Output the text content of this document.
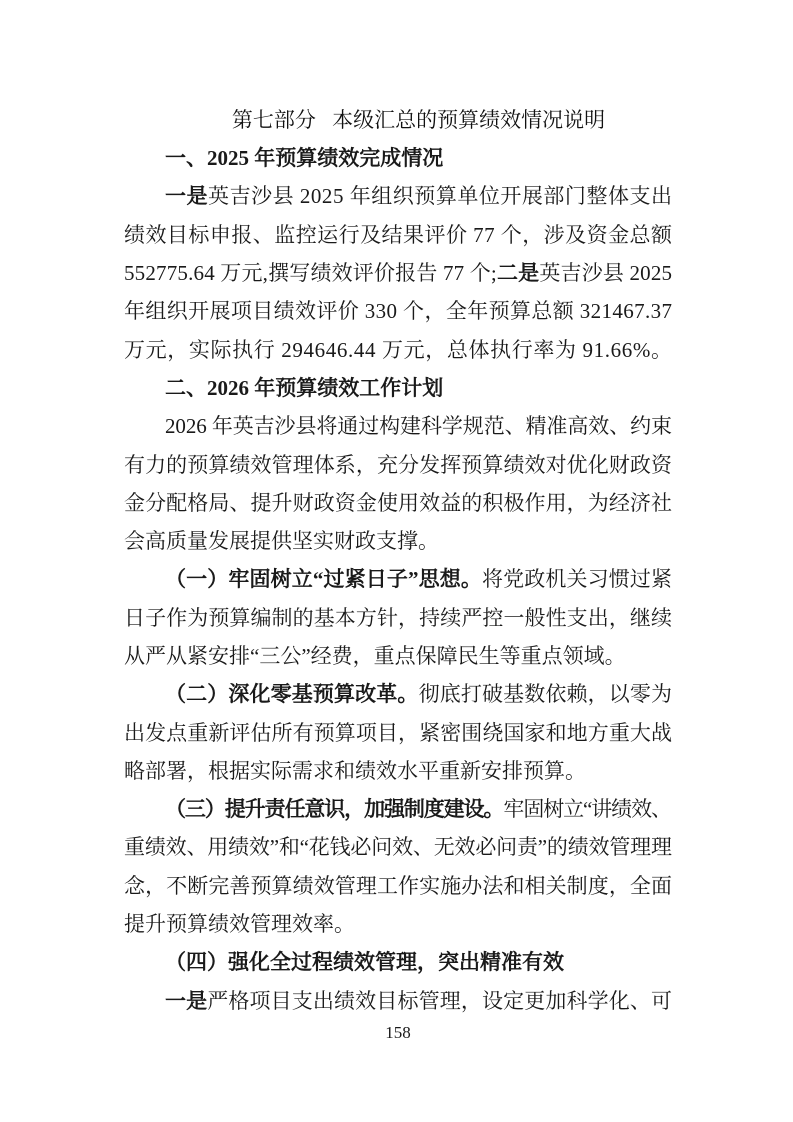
第七部分 本级汇总的预算绩效情况说明
一、2025 年预算绩效完成情况
一是英吉沙县 2025 年组织预算单位开展部门整体支出
绩效目标申报、监控运行及结果评价 77 个，涉及资金总额
552775.64 万元,撰写绩效评价报告 77 个;二是英吉沙县 2025
年组织开展项目绩效评价 330 个，全年预算总额 321467.37
万元，实际执行 294646.44 万元，总体执行率为 91.66%。
二、2026 年预算绩效工作计划
2026 年英吉沙县将通过构建科学规范、精准高效、约束
有力的预算绩效管理体系，充分发挥预算绩效对优化财政资
金分配格局、提升财政资金使用效益的积极作用，为经济社
会高质量发展提供坚实财政支撑。
（一）牢固树立“过紧日子”思想。将党政机关习惯过紧
日子作为预算编制的基本方针，持续严控一般性支出，继续
从严从紧安排“三公”经费，重点保障民生等重点领域。
（二）深化零基预算改革。彻底打破基数依赖，以零为
出发点重新评估所有预算项目，紧密围绕国家和地方重大战
略部署，根据实际需求和绩效水平重新安排预算。
（三）提升责任意识，加强制度建设。牢固树立“讲绩效、
重绩效、用绩效”和“花钱必问效、无效必问责”的绩效管理理
念，不断完善预算绩效管理工作实施办法和相关制度，全面
提升预算绩效管理效率。
（四）强化全过程绩效管理，突出精准有效
一是严格项目支出绩效目标管理，设定更加科学化、可
158
